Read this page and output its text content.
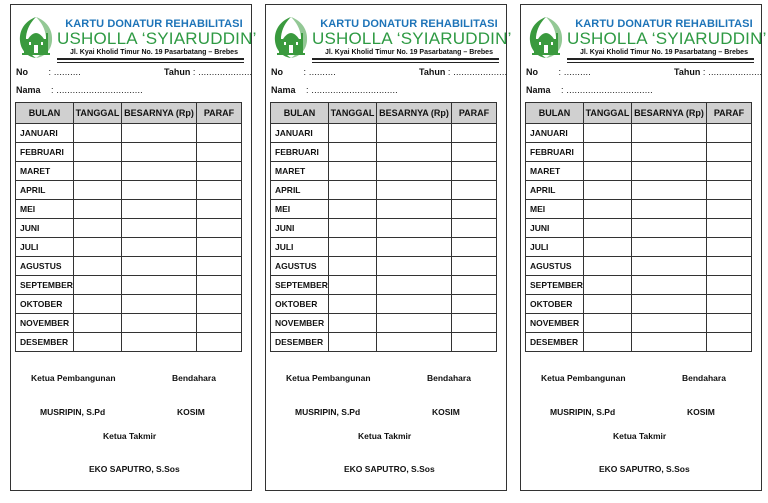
KARTU DONATUR REHABILITASI
USHOLLA ‘SYIARUDDIN’
Jl. Kyai Kholid Timur No. 19 Pasarbatang – Brebes
No : ..........	Tahun : ....................
Nama : ................................
BULAN	TANGGAL	BESARNYA (Rp)	PARAF
JANUARI			
FEBRUARI			
MARET			
APRIL			
MEI			
JUNI			
JULI			
AGUSTUS			
SEPTEMBER			
OKTOBER			
NOVEMBER			
DESEMBER			
Ketua Pembangunan	Bendahara
MUSRIPIN, S.Pd	KOSIM
Ketua Takmir
EKO SAPUTRO, S.Sos
KARTU DONATUR REHABILITASI
USHOLLA ‘SYIARUDDIN’
Jl. Kyai Kholid Timur No. 19 Pasarbatang – Brebes
No : ..........	Tahun : ....................
Nama : ................................
BULAN	TANGGAL	BESARNYA (Rp)	PARAF
JANUARI			
FEBRUARI			
MARET			
APRIL			
MEI			
JUNI			
JULI			
AGUSTUS			
SEPTEMBER			
OKTOBER			
NOVEMBER			
DESEMBER			
Ketua Pembangunan	Bendahara
MUSRIPIN, S.Pd	KOSIM
Ketua Takmir
EKO SAPUTRO, S.Sos
KARTU DONATUR REHABILITASI
USHOLLA ‘SYIARUDDIN’
Jl. Kyai Kholid Timur No. 19 Pasarbatang – Brebes
No : ..........	Tahun : ....................
Nama : ................................
BULAN	TANGGAL	BESARNYA (Rp)	PARAF
JANUARI			
FEBRUARI			
MARET			
APRIL			
MEI			
JUNI			
JULI			
AGUSTUS			
SEPTEMBER			
OKTOBER			
NOVEMBER			
DESEMBER			
Ketua Pembangunan	Bendahara
MUSRIPIN, S.Pd	KOSIM
Ketua Takmir
EKO SAPUTRO, S.Sos
